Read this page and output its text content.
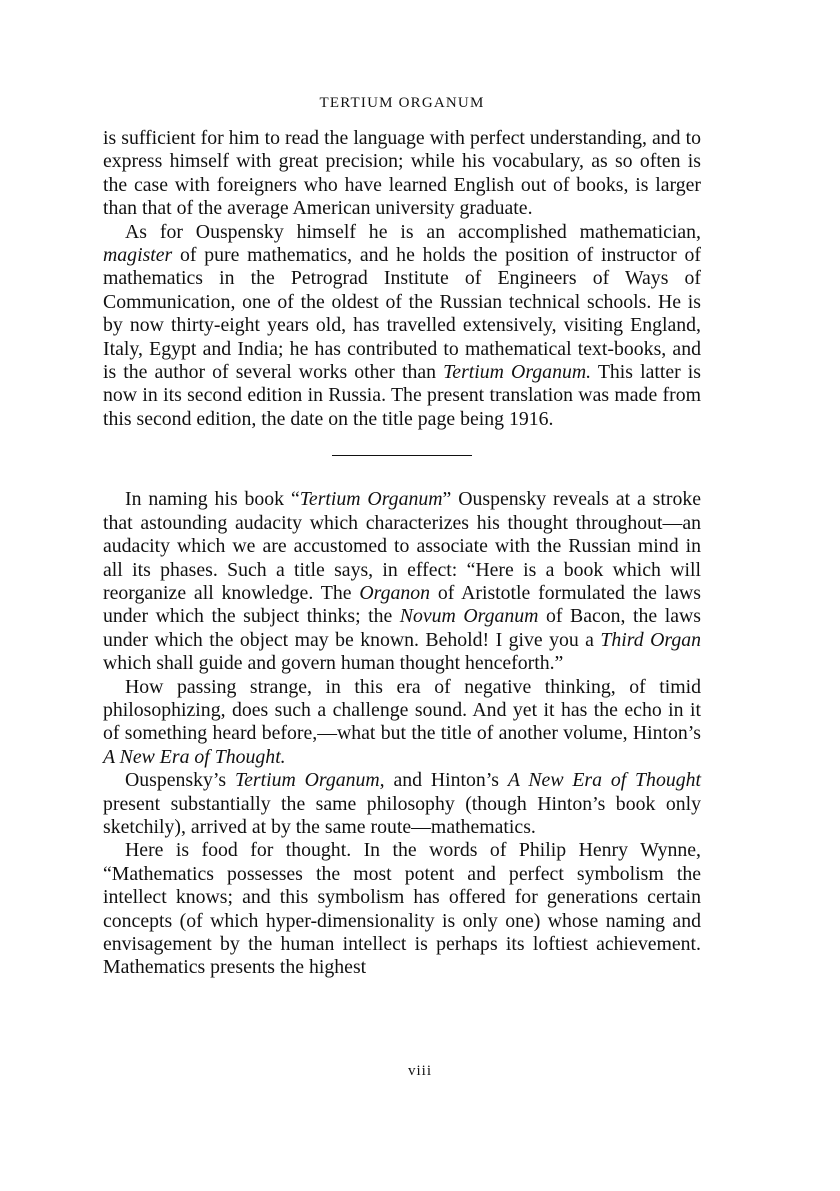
TERTIUM ORGANUM

is sufficient for him to read the language with perfect understanding, and to express himself with great precision; while his vocabulary, as so often is the case with foreigners who have learned English out of books, is larger than that of the average American university graduate.

As for Ouspensky himself he is an accomplished mathematician, magister of pure mathematics, and he holds the position of instructor of mathematics in the Petrograd Institute of Engineers of Ways of Communication, one of the oldest of the Russian technical schools. He is by now thirty-eight years old, has travelled extensively, visiting England, Italy, Egypt and India; he has contributed to mathematical text-books, and is the author of several works other than Tertium Organum. This latter is now in its second edition in Russia. The present translation was made from this second edition, the date on the title page being 1916.

In naming his book “Tertium Organum” Ouspensky reveals at a stroke that astounding audacity which characterizes his thought throughout—an audacity which we are accustomed to associate with the Russian mind in all its phases. Such a title says, in effect: “Here is a book which will reorganize all knowledge. The Organon of Aristotle formulated the laws under which the subject thinks; the Novum Organum of Bacon, the laws under which the object may be known. Behold! I give you a Third Organ which shall guide and govern human thought henceforth.”

How passing strange, in this era of negative thinking, of timid philosophizing, does such a challenge sound. And yet it has the echo in it of something heard before,—what but the title of another volume, Hinton’s A New Era of Thought.

Ouspensky’s Tertium Organum, and Hinton’s A New Era of Thought present substantially the same philosophy (though Hinton’s book only sketchily), arrived at by the same route—mathematics.

Here is food for thought. In the words of Philip Henry Wynne, “Mathematics possesses the most potent and perfect symbolism the intellect knows; and this symbolism has offered for generations certain concepts (of which hyper-dimensionality is only one) whose naming and envisagement by the human intellect is perhaps its loftiest achievement. Mathematics presents the highest

viii
